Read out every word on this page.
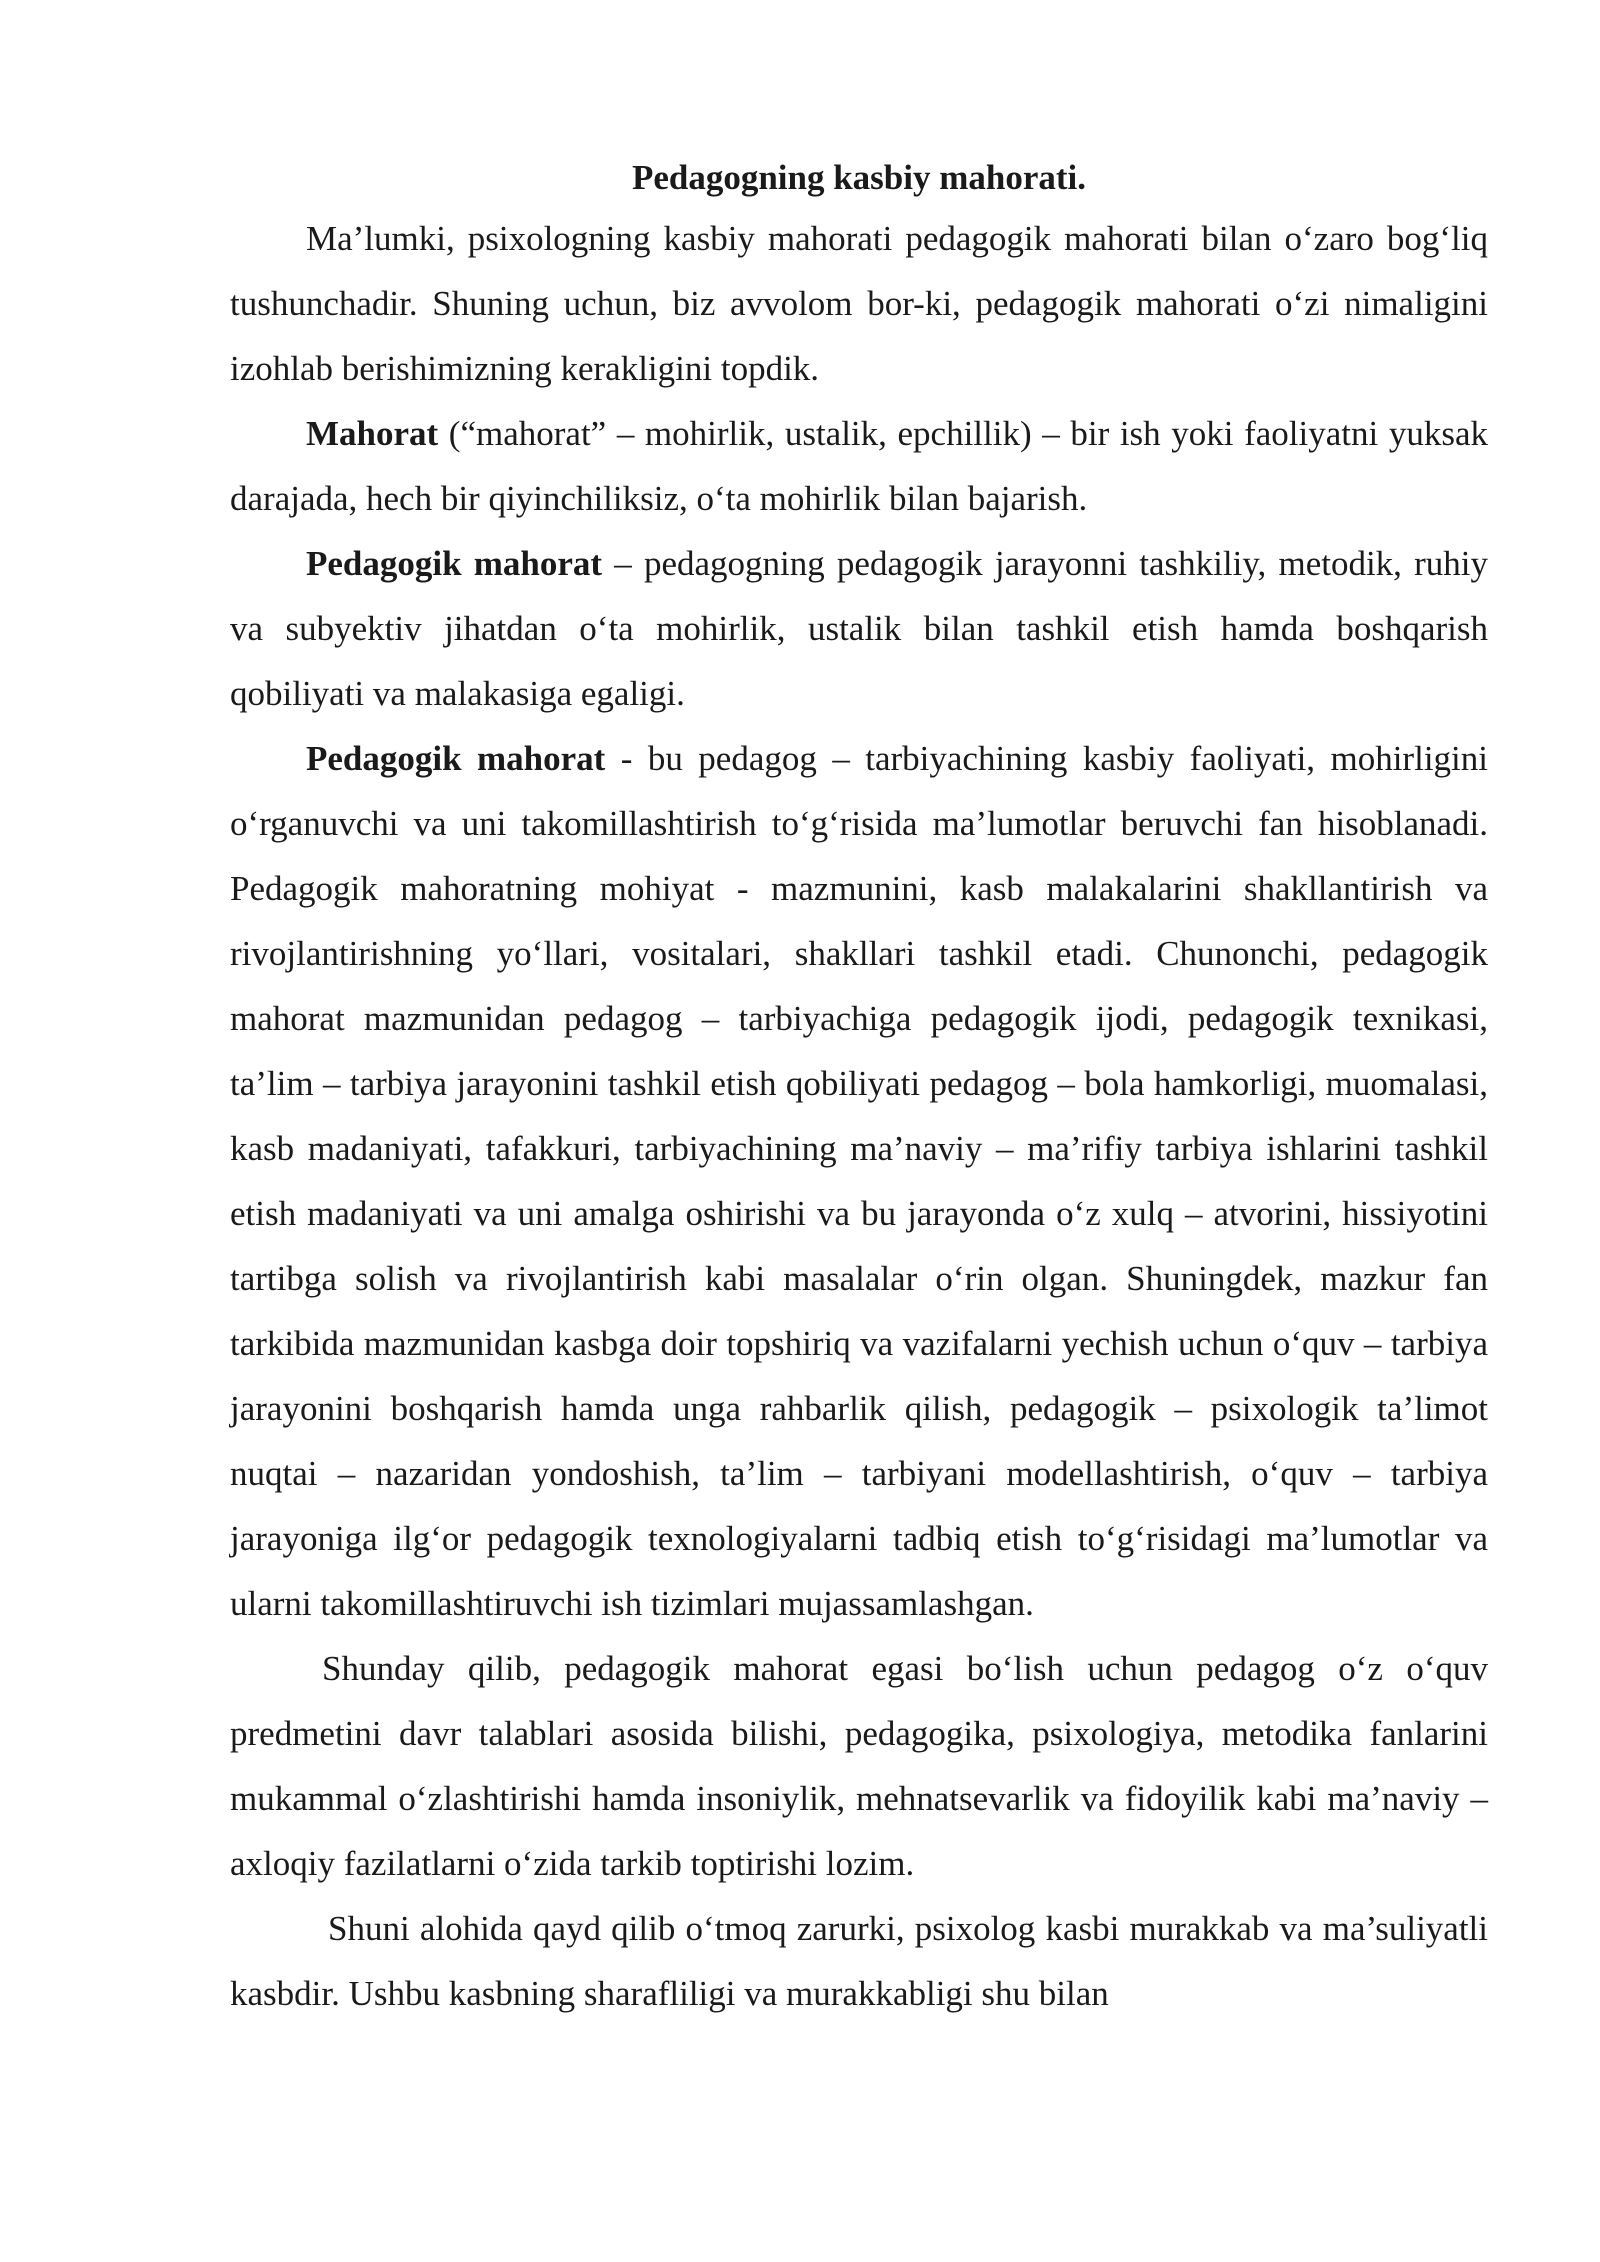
Pedagogning kasbiy mahorati.

Ma’lumki, psixologning kasbiy mahorati pedagogik mahorati bilan o‘zaro bog‘liq tushunchadir. Shuning uchun, biz avvolom bor-ki, pedagogik mahorati o‘zi nimaligini izohlab berishimizning kerakligini topdik.

Mahorat (“mahorat” – mohirlik, ustalik, epchillik) – bir ish yoki faoliyatni yuksak darajada, hech bir qiyinchiliksiz, o‘ta mohirlik bilan bajarish.

Pedagogik mahorat – pedagogning pedagogik jarayonni tashkiliy, metodik, ruhiy va subyektiv jihatdan o‘ta mohirlik, ustalik bilan tashkil etish hamda boshqarish qobiliyati va malakasiga egaligi.

Pedagogik mahorat - bu pedagog – tarbiyachining kasbiy faoliyati, mohirligini o‘rganuvchi va uni takomillashtirish to‘g‘risida ma’lumotlar beruvchi fan hisoblanadi. Pedagogik mahoratning mohiyat - mazmunini, kasb malakalarini shakllantirish va rivojlantirishning yo‘llari, vositalari, shakllari tashkil etadi. Chunonchi, pedagogik mahorat mazmunidan pedagog – tarbiyachiga pedagogik ijodi, pedagogik texnikasi, ta’lim – tarbiya jarayonini tashkil etish qobiliyati pedagog – bola hamkorligi, muomalasi, kasb madaniyati, tafakkuri, tarbiyachining ma’naviy – ma’rifiy tarbiya ishlarini tashkil etish madaniyati va uni amalga oshirishi va bu jarayonda o‘z xulq – atvorini, hissiyotini tartibga solish va rivojlantirish kabi masalalar o‘rin olgan. Shuningdek, mazkur fan tarkibida mazmunidan kasbga doir topshiriq va vazifalarni yechish uchun o‘quv – tarbiya jarayonini boshqarish hamda unga rahbarlik qilish, pedagogik – psixologik ta’limot nuqtai – nazaridan yondoshish, ta’lim – tarbiyani modellashtirish, o‘quv – tarbiya jarayoniga ilg‘or pedagogik texnologiyalarni tadbiq etish to‘g‘risidagi ma’lumotlar va ularni takomillashtiruvchi ish tizimlari mujassamlashgan.

Shunday qilib, pedagogik mahorat egasi bo‘lish uchun pedagog o‘z o‘quv predmetini davr talablari asosida bilishi, pedagogika, psixologiya, metodika fanlarini mukammal o‘zlashtirishi hamda insoniylik, mehnatsevarlik va fidoyilik kabi ma’naviy – axloqiy fazilatlarni o‘zida tarkib toptirishi lozim.

Shuni alohida qayd qilib o‘tmoq zarurki, psixolog kasbi murakkab va ma’suliyatli kasbdir. Ushbu kasbning sharafliligi va murakkabligi shu bilan
